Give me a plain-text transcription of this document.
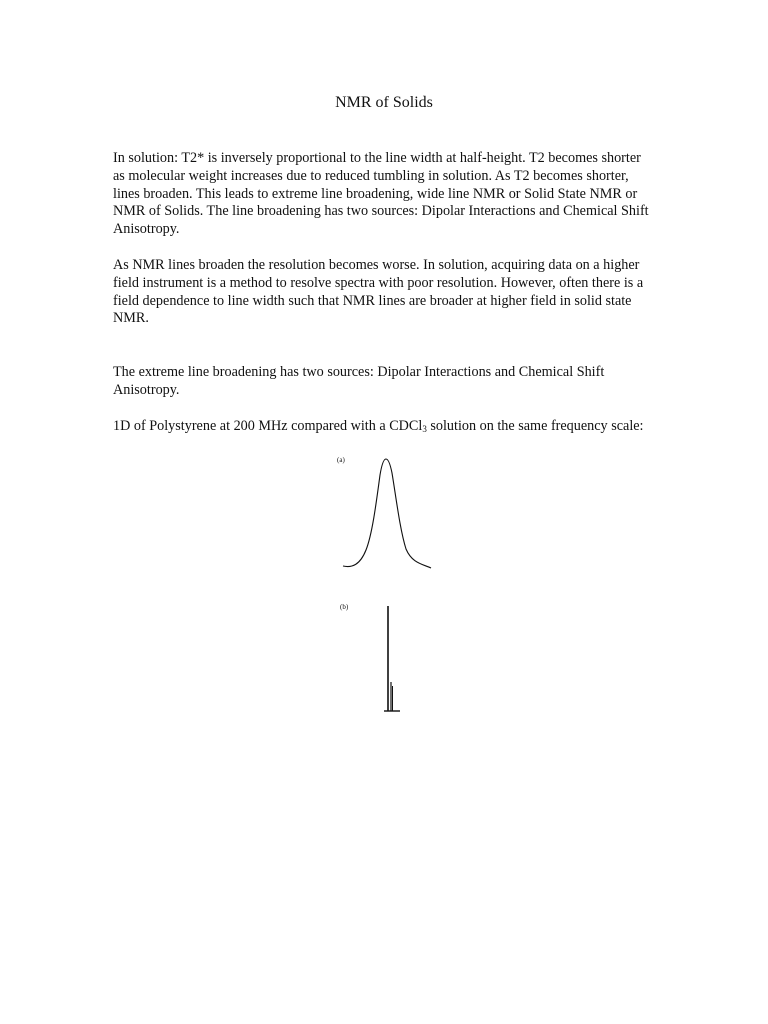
NMR of Solids

In solution: T2* is inversely proportional to the line width at half-height. T2 becomes shorter as molecular weight increases due to reduced tumbling in solution. As T2 becomes shorter, lines broaden. This leads to extreme line broadening, wide line NMR or Solid State NMR or NMR of Solids. The line broadening has two sources: Dipolar Interactions and Chemical Shift Anisotropy.

As NMR lines broaden the resolution becomes worse. In solution, acquiring data on a higher field instrument is a method to resolve spectra with poor resolution. However, often there is a field dependence to line width such that NMR lines are broader at higher field in solid state NMR.

The extreme line broadening has two sources: Dipolar Interactions and Chemical Shift Anisotropy.

1D of Polystyrene at 200 MHz compared with a CDCl$_3$ solution on the same frequency scale:

(a)
(b)
